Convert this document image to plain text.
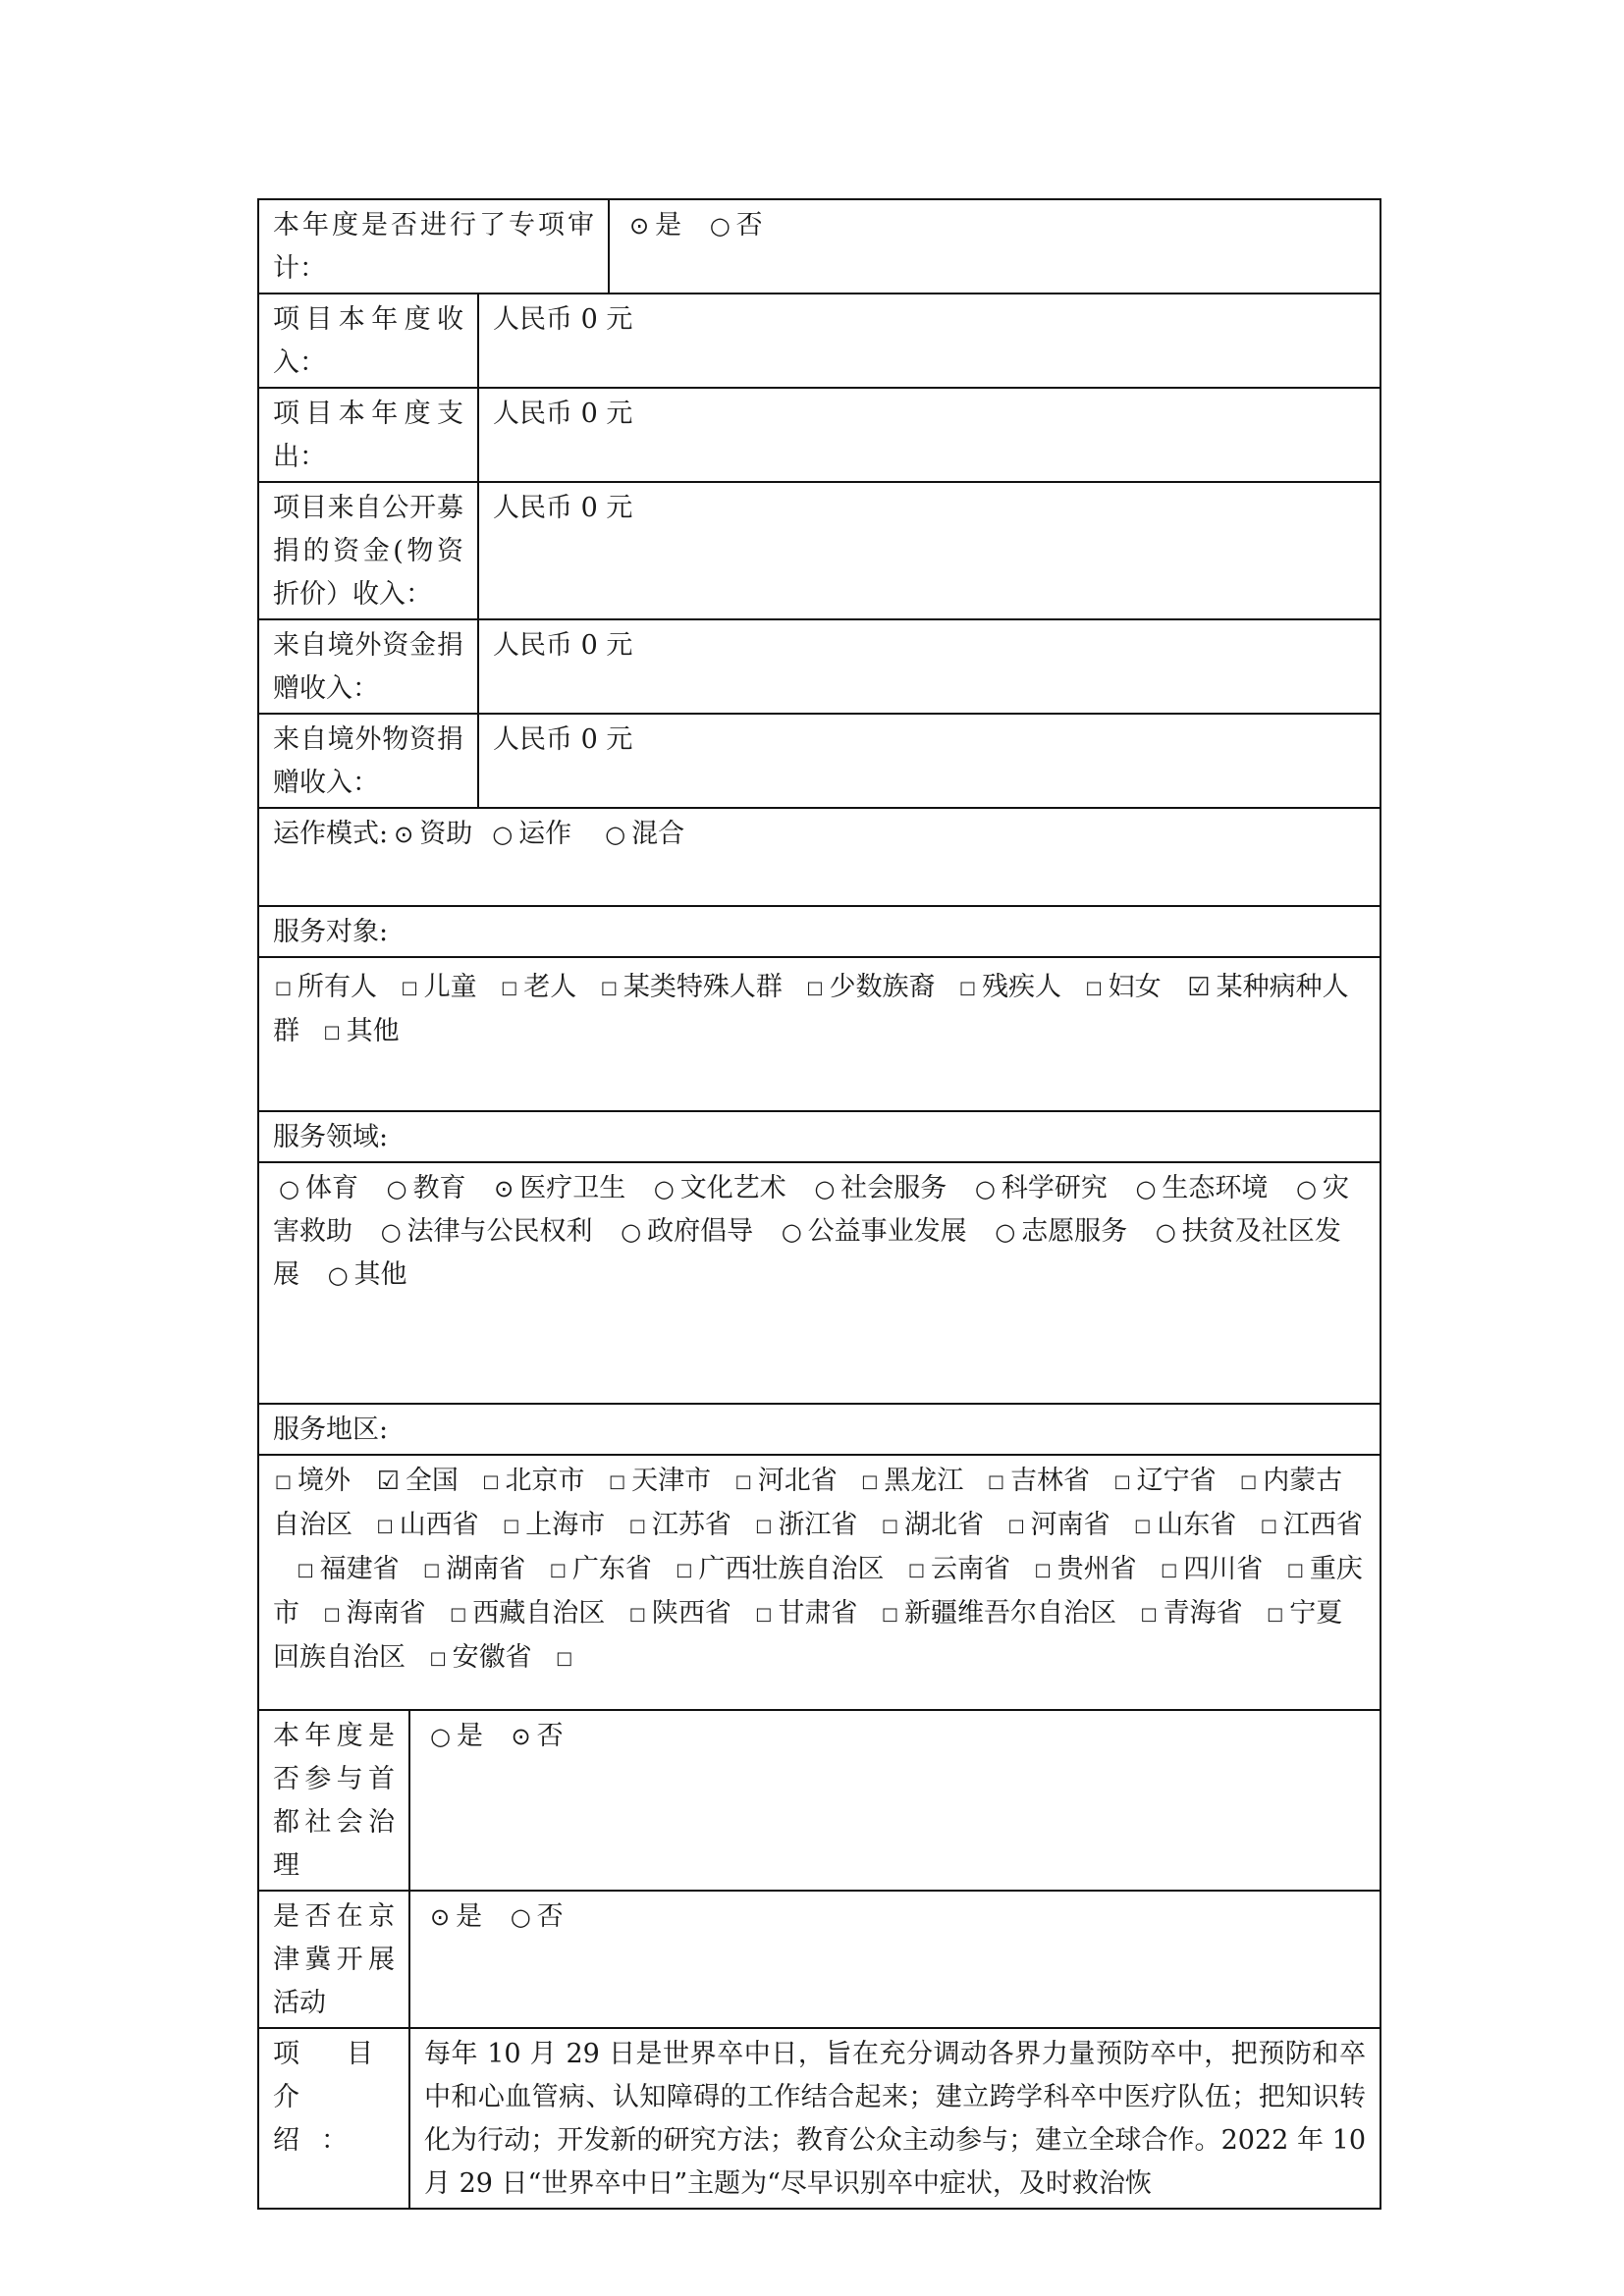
本年度是否进行了专项审计：			⊙ 是 ○ 否
项目本年度收入：		人民币 0 元	
项目本年度支出：		人民币 0 元	
项目来自公开募捐的资金(物资折价）收入：		人民币 0 元	
来自境外资金捐赠收入：		人民币 0 元	
来自境外物资捐赠收入：		人民币 0 元	
运作模式: ⊙ 资助 ○ 运作 ○ 混合			
服务对象:			
□ 所有人 □ 儿童 □ 老人 □ 某类特殊人群 □ 少数族裔 □ 残疾人 □ 妇女 ☑ 某种病种人群 □ 其他			
服务领域:			
○ 体育 ○ 教育 ⊙ 医疗卫生 ○ 文化艺术 ○ 社会服务 ○ 科学研究 ○ 生态环境 ○ 灾害救助 ○ 法律与公民权利 ○ 政府倡导 ○ 公益事业发展 ○ 志愿服务 ○ 扶贫及社区发展 ○ 其他			
服务地区:			
□ 境外 ☑ 全国 □ 北京市 □ 天津市 □ 河北省 □ 黑龙江 □ 吉林省 □ 辽宁省 □ 内蒙古自治区 □ 山西省 □ 上海市 □ 江苏省 □ 浙江省 □ 湖北省 □ 河南省 □ 山东省 □ 江西省 □ 福建省 □ 湖南省 □ 广东省 □ 广西壮族自治区 □ 云南省 □ 贵州省 □ 四川省 □ 重庆市 □ 海南省 □ 西藏自治区 □ 陕西省 □ 甘肃省 □ 新疆维吾尔自治区 □ 青海省 □ 宁夏回族自治区 □ 安徽省 □			
本年度是否参与首都社会治理	○ 是 ⊙ 否		
是否在京津冀开展活动	⊙ 是 ○ 否		
项目介绍：	每年 10 月 29 日是世界卒中日，旨在充分调动各界力量预防卒中，把预防和卒中和心血管病、认知障碍的工作结合起来；建立跨学科卒中医疗队伍；把知识转化为行动；开发新的研究方法；教育公众主动参与；建立全球合作。2022 年 10 月 29 日“世界卒中日”主题为“尽早识别卒中症状，及时救治恢		
